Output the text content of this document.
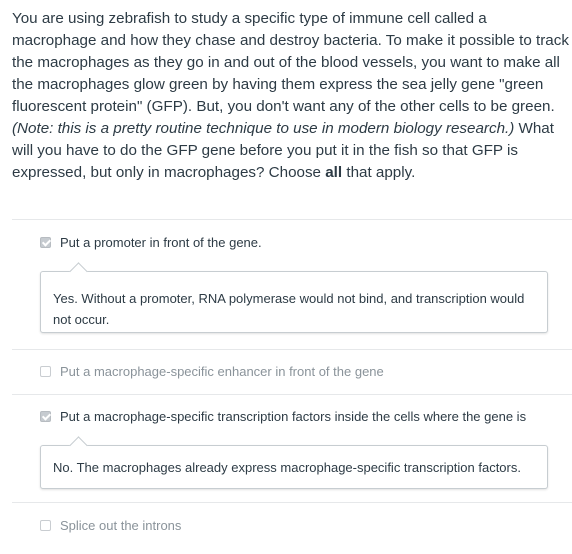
You are using zebrafish to study a specific type of immune cell called a macrophage and how they chase and destroy bacteria. To make it possible to track the macrophages as they go in and out of the blood vessels, you want to make all the macrophages glow green by having them express the sea jelly gene "green fluorescent protein" (GFP). But, you don't want any of the other cells to be green. (Note: this is a pretty routine technique to use in modern biology research.) What will you have to do the GFP gene before you put it in the fish so that GFP is expressed, but only in macrophages? Choose all that apply.
Put a promoter in front of the gene.
Yes. Without a promoter, RNA polymerase would not bind, and transcription would not occur.
Put a macrophage-specific enhancer in front of the gene
Put a macrophage-specific transcription factors inside the cells where the gene is
No. The macrophages already express macrophage-specific transcription factors.
Splice out the introns
